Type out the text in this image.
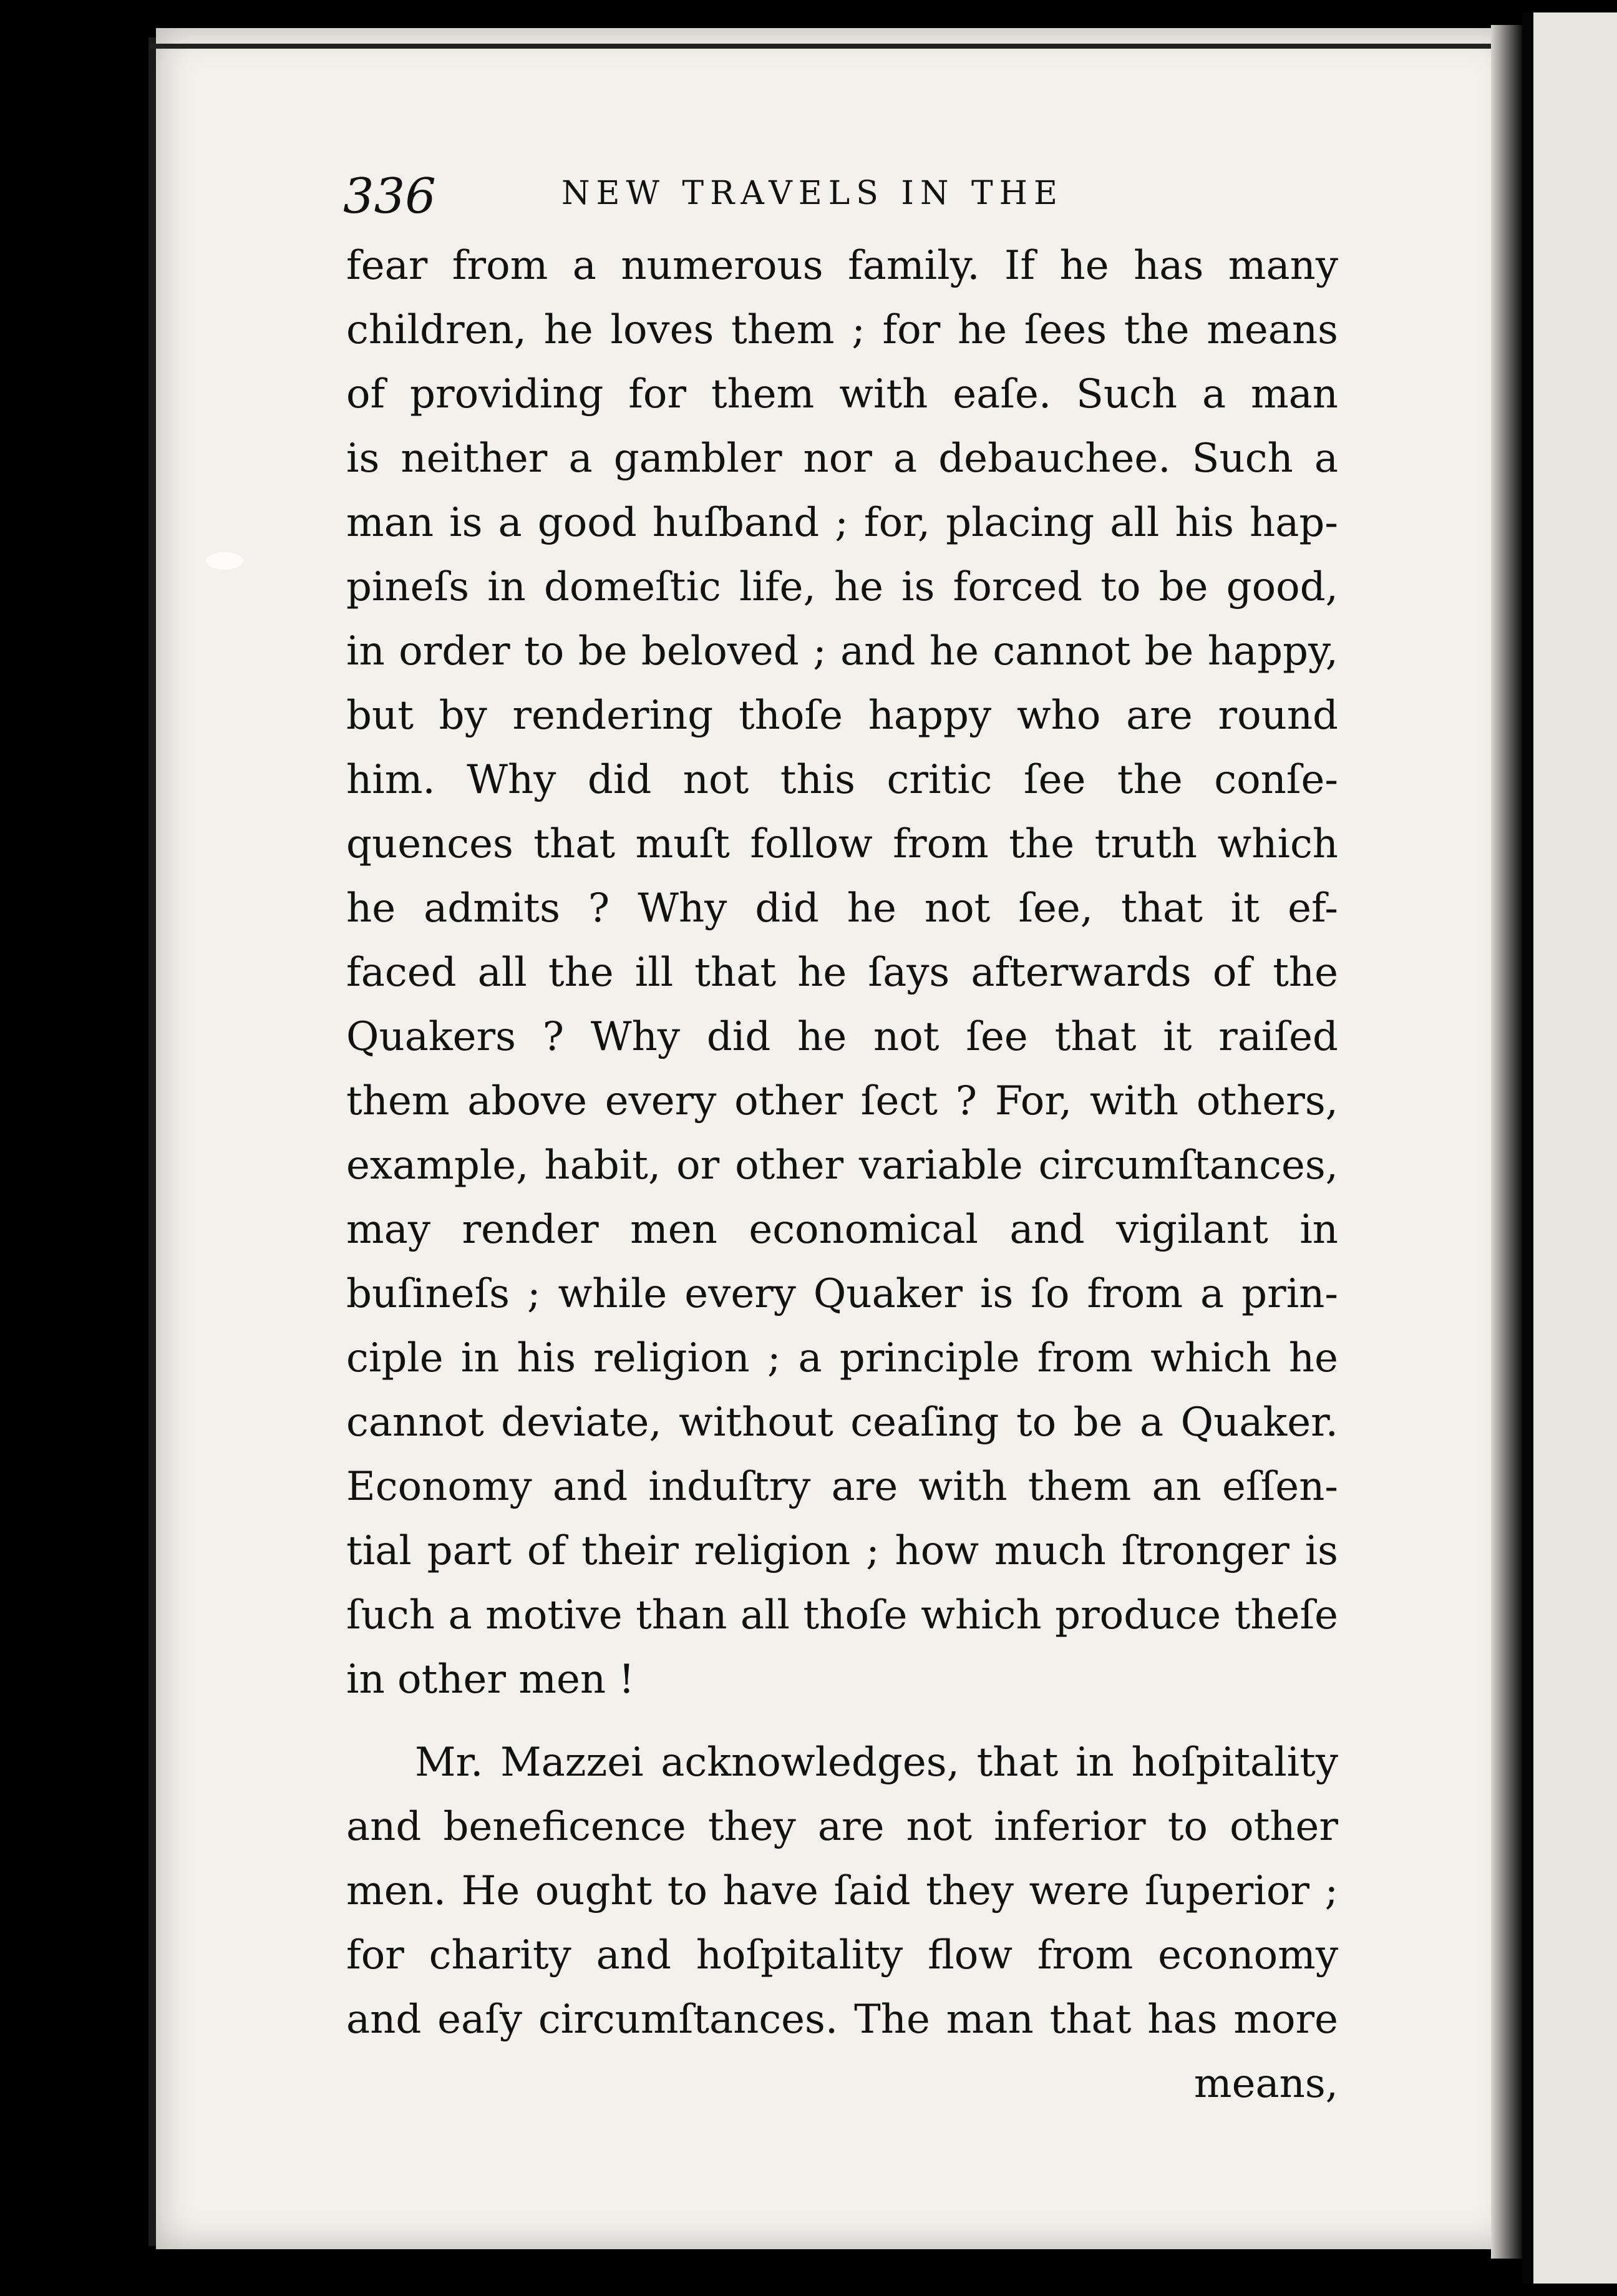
336	NEW TRAVELS IN THE
fear from a numerous family. If he has many
children, he loves them ; for he ſees the means
of providing for them with eaſe. Such a man
is neither a gambler nor a debauchee. Such a
man is a good huſband ; for, placing all his hap-
pineſs in domeſtic life, he is forced to be good,
in order to be beloved ; and he cannot be happy,
but by rendering thoſe happy who are round
him. Why did not this critic ſee the conſe-
quences that muſt follow from the truth which
he admits ? Why did he not ſee, that it ef-
faced all the ill that he ſays afterwards of the
Quakers ? Why did he not ſee that it raiſed
them above every other ſect ? For, with others,
example, habit, or other variable circumſtances,
may render men economical and vigilant in
buſineſs ; while every Quaker is ſo from a prin-
ciple in his religion ; a principle from which he
cannot deviate, without ceaſing to be a Quaker.
Economy and induſtry are with them an eſſen-
tial part of their religion ; how much ſtronger is
ſuch a motive than all thoſe which produce theſe
in other men !
Mr. Mazzei acknowledges, that in hoſpitality
and beneficence they are not inferior to other
men. He ought to have ſaid they were ſuperior ;
for charity and hoſpitality flow from economy
and eaſy circumſtances. The man that has more
means,
